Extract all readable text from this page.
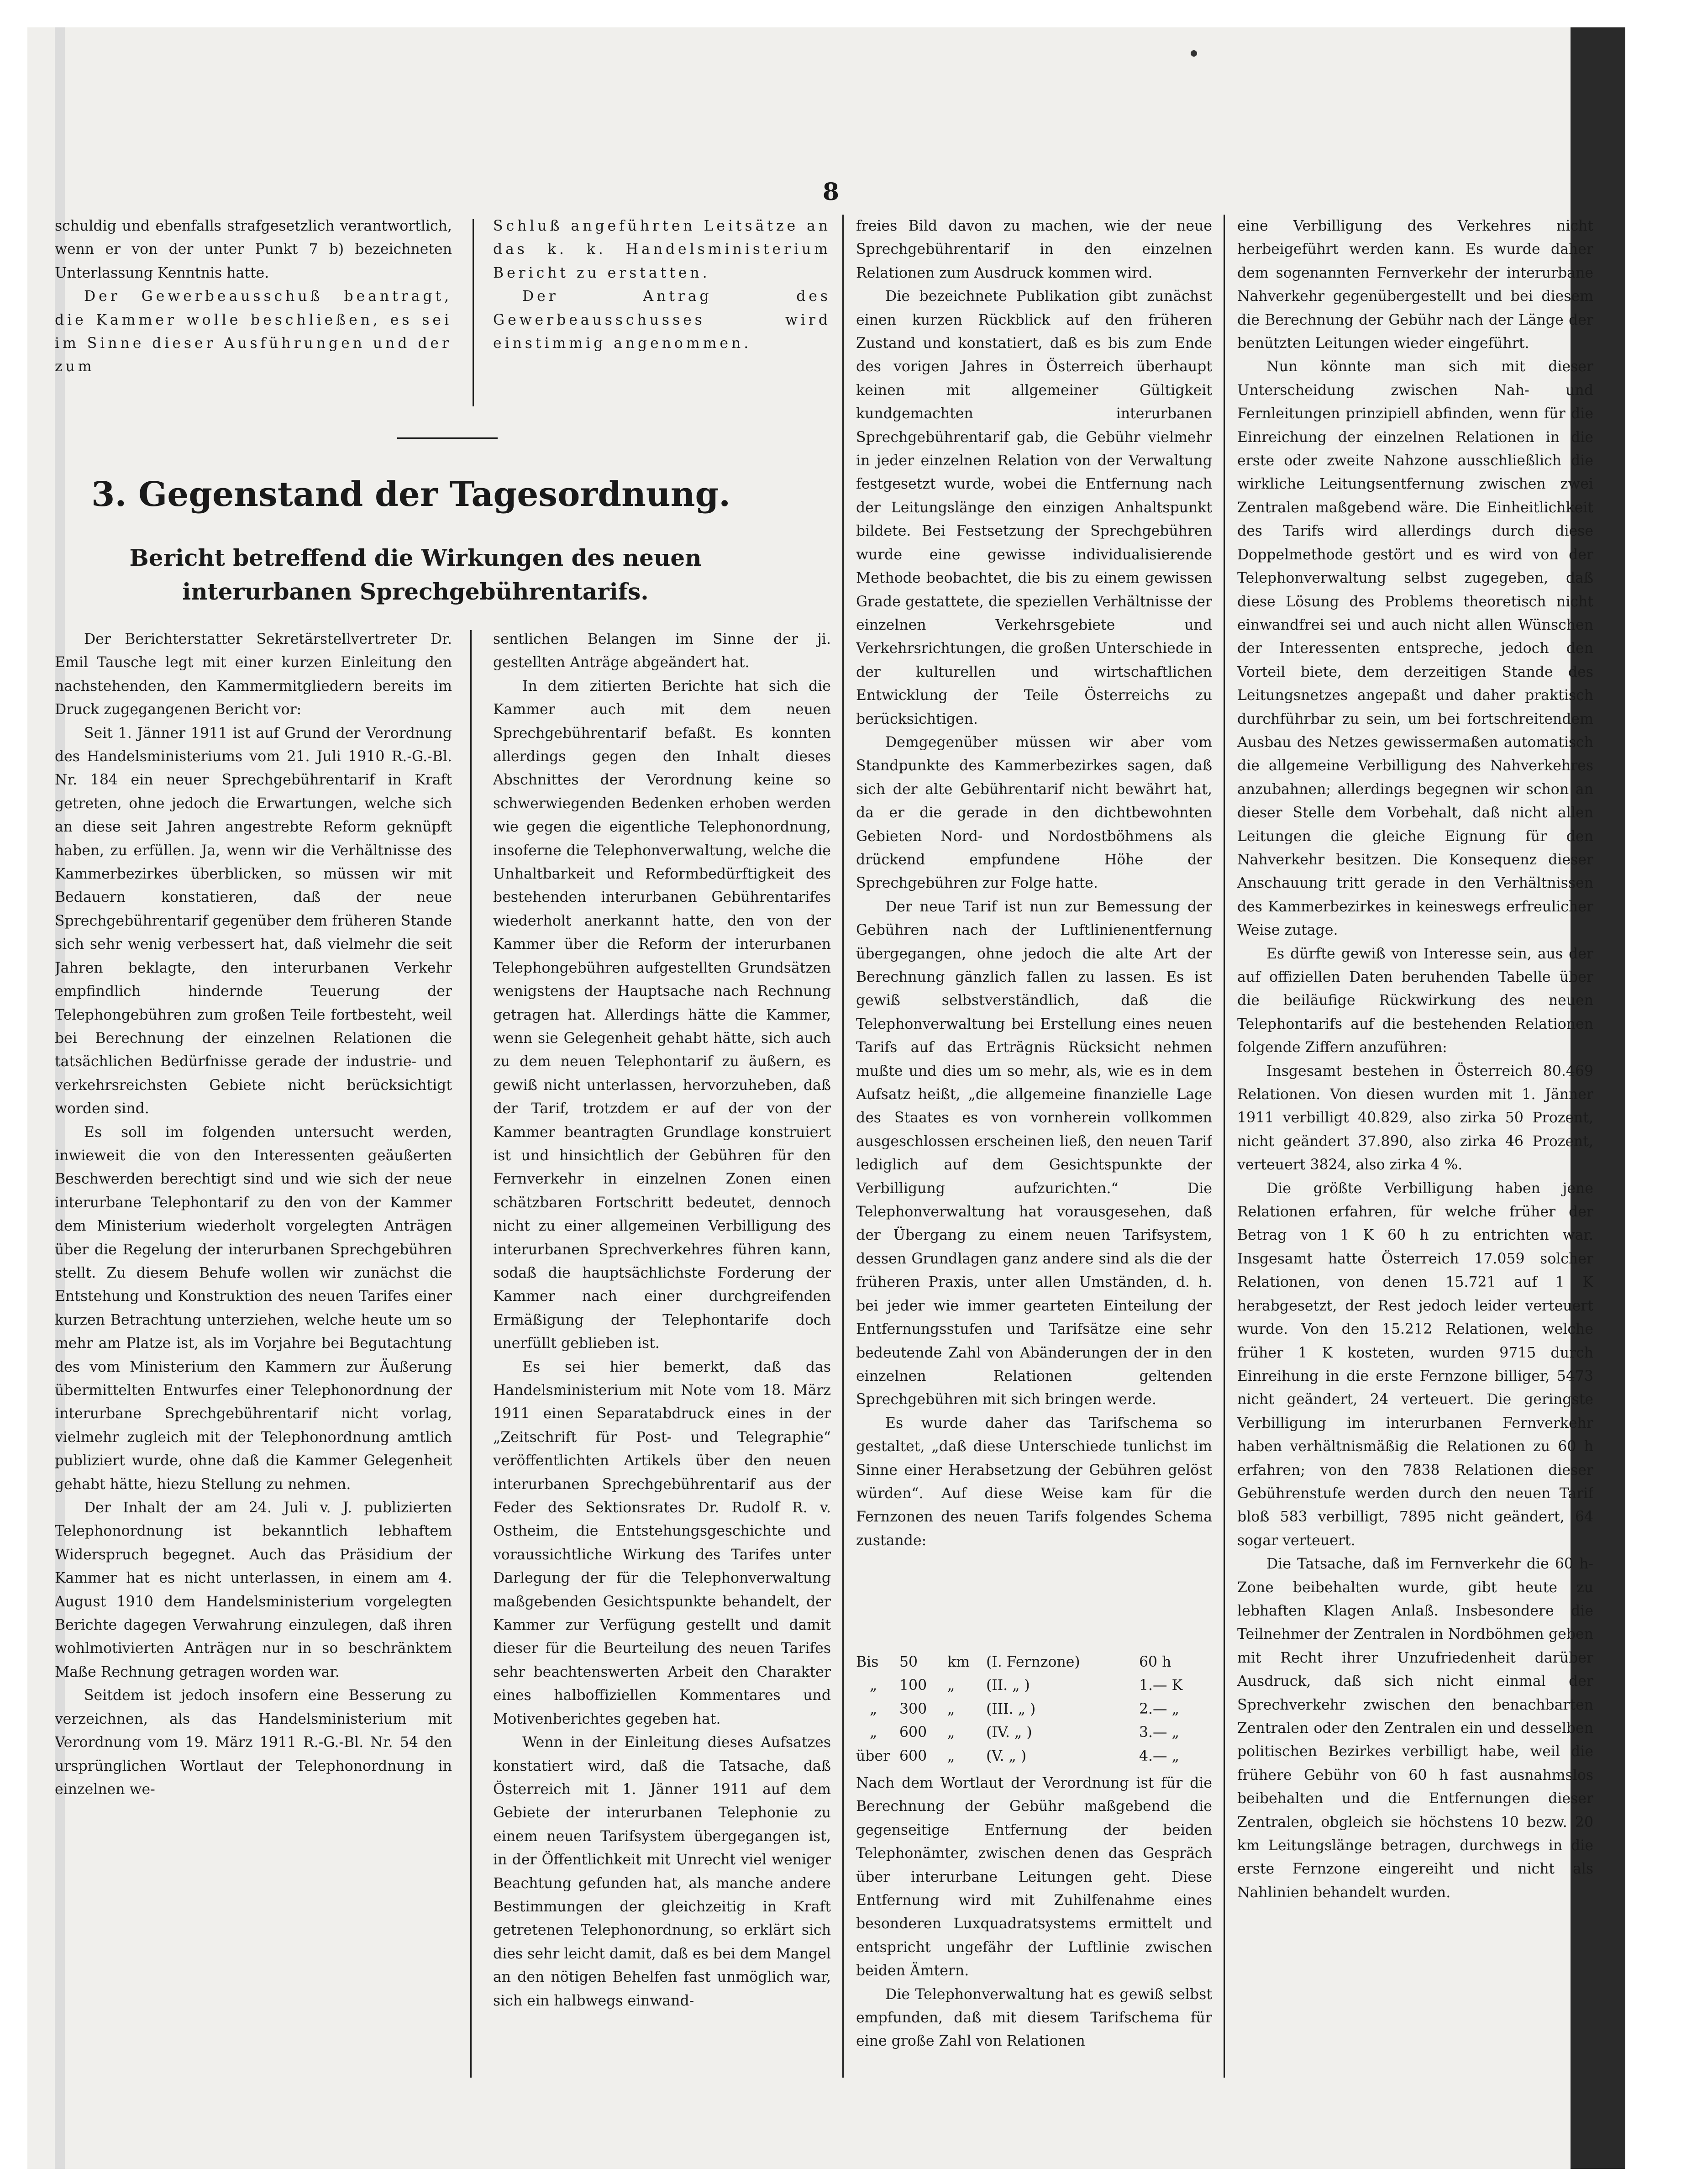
8

schuldig und ebenfalls strafgesetzlich verantwortlich, wenn er von der unter Punkt 7 b) bezeichneten Unterlassung Kenntnis hatte.

Der Gewerbeausschuß beantragt, die Kammer wolle beschließen, es sei im Sinne dieser Ausführungen und der zum

Schluß angeführten Leitsätze an das k. k. Handelsministerium Bericht zu erstatten.

Der Antrag des Gewerbeausschusses wird einstimmig angenommen.

3. Gegenstand der Tagesordnung.
Bericht betreffend die Wirkungen des neuen interurbanen Sprechgebührentarifs.

Der Berichterstatter Sekretärstellvertreter Dr. Emil Tausche legt mit einer kurzen Einleitung den nachstehenden, den Kammermitgliedern bereits im Druck zugegangenen Bericht vor:

Seit 1. Jänner 1911 ist auf Grund der Verordnung des Handelsministeriums vom 21. Juli 1910 R.-G.-Bl. Nr. 184 ein neuer Sprechgebührentarif in Kraft getreten, ohne jedoch die Erwartungen, welche sich an diese seit Jahren angestrebte Reform geknüpft haben, zu erfüllen. Ja, wenn wir die Verhältnisse des Kammerbezirkes überblicken, so müssen wir mit Bedauern konstatieren, daß der neue Sprechgebührentarif gegenüber dem früheren Stande sich sehr wenig verbessert hat, daß vielmehr die seit Jahren beklagte, den interurbanen Verkehr empfindlich hindernde Teuerung der Telephongebühren zum großen Teile fortbesteht, weil bei Berechnung der einzelnen Relationen die tatsächlichen Bedürfnisse gerade der industrie- und verkehrsreichsten Gebiete nicht berücksichtigt worden sind.

Es soll im folgenden untersucht werden, inwieweit die von den Interessenten geäußerten Beschwerden berechtigt sind und wie sich der neue interurbane Telephontarif zu den von der Kammer dem Ministerium wiederholt vorgelegten Anträgen über die Regelung der interurbanen Sprechgebühren stellt. Zu diesem Behufe wollen wir zunächst die Entstehung und Konstruktion des neuen Tarifes einer kurzen Betrachtung unterziehen, welche heute um so mehr am Platze ist, als im Vorjahre bei Begutachtung des vom Ministerium den Kammern zur Äußerung übermittelten Entwurfes einer Telephonordnung der interurbane Sprechgebührentarif nicht vorlag, vielmehr zugleich mit der Telephonordnung amtlich publiziert wurde, ohne daß die Kammer Gelegenheit gehabt hätte, hiezu Stellung zu nehmen.

Der Inhalt der am 24. Juli v. J. publizierten Telephonordnung ist bekanntlich lebhaftem Widerspruch begegnet. Auch das Präsidium der Kammer hat es nicht unterlassen, in einem am 4. August 1910 dem Handelsministerium vorgelegten Berichte dagegen Verwahrung einzulegen, daß ihren wohlmotivierten Anträgen nur in so beschränktem Maße Rechnung getragen worden war.

Seitdem ist jedoch insofern eine Besserung zu verzeichnen, als das Handelsministerium mit Verordnung vom 19. März 1911 R.-G.-Bl. Nr. 54 den ursprünglichen Wortlaut der Telephonordnung in einzelnen we-

sentlichen Belangen im Sinne der ji. gestellten Anträge abgeändert hat.

In dem zitierten Berichte hat sich die Kammer auch mit dem neuen Sprechgebührentarif befaßt. Es konnten allerdings gegen den Inhalt dieses Abschnittes der Verordnung keine so schwerwiegenden Bedenken erhoben werden wie gegen die eigentliche Telephonordnung, insoferne die Telephonverwaltung, welche die Unhaltbarkeit und Reformbedürftigkeit des bestehenden interurbanen Gebührentarifes wiederholt anerkannt hatte, den von der Kammer über die Reform der interurbanen Telephongebühren aufgestellten Grundsätzen wenigstens der Hauptsache nach Rechnung getragen hat. Allerdings hätte die Kammer, wenn sie Gelegenheit gehabt hätte, sich auch zu dem neuen Telephontarif zu äußern, es gewiß nicht unterlassen, hervorzuheben, daß der Tarif, trotzdem er auf der von der Kammer beantragten Grundlage konstruiert ist und hinsichtlich der Gebühren für den Fernverkehr in einzelnen Zonen einen schätzbaren Fortschritt bedeutet, dennoch nicht zu einer allgemeinen Verbilligung des interurbanen Sprechverkehres führen kann, sodaß die hauptsächlichste Forderung der Kammer nach einer durchgreifenden Ermäßigung der Telephontarife doch unerfüllt geblieben ist.

Es sei hier bemerkt, daß das Handelsministerium mit Note vom 18. März 1911 einen Separatabdruck eines in der „Zeitschrift für Post- und Telegraphie“ veröffentlichten Artikels über den neuen interurbanen Sprechgebührentarif aus der Feder des Sektionsrates Dr. Rudolf R. v. Ostheim, die Entstehungsgeschichte und voraussichtliche Wirkung des Tarifes unter Darlegung der für die Telephonverwaltung maßgebenden Gesichtspunkte behandelt, der Kammer zur Verfügung gestellt und damit dieser für die Beurteilung des neuen Tarifes sehr beachtenswerten Arbeit den Charakter eines halboffiziellen Kommentares und Motivenberichtes gegeben hat.

Wenn in der Einleitung dieses Aufsatzes konstatiert wird, daß die Tatsache, daß Österreich mit 1. Jänner 1911 auf dem Gebiete der interurbanen Telephonie zu einem neuen Tarifsystem übergegangen ist, in der Öffentlichkeit mit Unrecht viel weniger Beachtung gefunden hat, als manche andere Bestimmungen der gleichzeitig in Kraft getretenen Telephonordnung, so erklärt sich dies sehr leicht damit, daß es bei dem Mangel an den nötigen Behelfen fast unmöglich war, sich ein halbwegs einwand-

freies Bild davon zu machen, wie der neue Sprechgebührentarif in den einzelnen Relationen zum Ausdruck kommen wird.

Die bezeichnete Publikation gibt zunächst einen kurzen Rückblick auf den früheren Zustand und konstatiert, daß es bis zum Ende des vorigen Jahres in Österreich überhaupt keinen mit allgemeiner Gültigkeit kundgemachten interurbanen Sprechgebührentarif gab, die Gebühr vielmehr in jeder einzelnen Relation von der Verwaltung festgesetzt wurde, wobei die Entfernung nach der Leitungslänge den einzigen Anhaltspunkt bildete. Bei Festsetzung der Sprechgebühren wurde eine gewisse individualisierende Methode beobachtet, die bis zu einem gewissen Grade gestattete, die speziellen Verhältnisse der einzelnen Verkehrsgebiete und Verkehrsrichtungen, die großen Unterschiede in der kulturellen und wirtschaftlichen Entwicklung der Teile Österreichs zu berücksichtigen.

Demgegenüber müssen wir aber vom Standpunkte des Kammerbezirkes sagen, daß sich der alte Gebührentarif nicht bewährt hat, da er die gerade in den dichtbewohnten Gebieten Nord- und Nordostböhmens als drückend empfundene Höhe der Sprechgebühren zur Folge hatte.

Der neue Tarif ist nun zur Bemessung der Gebühren nach der Luftlinienentfernung übergegangen, ohne jedoch die alte Art der Berechnung gänzlich fallen zu lassen. Es ist gewiß selbstverständlich, daß die Telephonverwaltung bei Erstellung eines neuen Tarifs auf das Erträgnis Rücksicht nehmen mußte und dies um so mehr, als, wie es in dem Aufsatz heißt, „die allgemeine finanzielle Lage des Staates es von vornherein vollkommen ausgeschlossen erscheinen ließ, den neuen Tarif lediglich auf dem Gesichtspunkte der Verbilligung aufzurichten.“ Die Telephonverwaltung hat vorausgesehen, daß der Übergang zu einem neuen Tarifsystem, dessen Grundlagen ganz andere sind als die der früheren Praxis, unter allen Umständen, d. h. bei jeder wie immer gearteten Einteilung der Entfernungsstufen und Tarifsätze eine sehr bedeutende Zahl von Abänderungen der in den einzelnen Relationen geltenden Sprechgebühren mit sich bringen werde.

Es wurde daher das Tarifschema so gestaltet, „daß diese Unterschiede tunlichst im Sinne einer Herabsetzung der Gebühren gelöst würden“. Auf diese Weise kam für die Fernzonen des neuen Tarifs folgendes Schema zustande:

Bis 50 km (I. Fernzone)	60 h
„ 100 „ (II. „ )	1.— K
„ 300 „ (III. „ )	2.— „
„ 600 „ (IV. „ )	3.— „
über 600 „ (V. „ )	4.— „

Nach dem Wortlaut der Verordnung ist für die Berechnung der Gebühr maßgebend die gegenseitige Entfernung der beiden Telephonämter, zwischen denen das Gespräch über interurbane Leitungen geht. Diese Entfernung wird mit Zuhilfenahme eines besonderen Luxquadratsystems ermittelt und entspricht ungefähr der Luftlinie zwischen beiden Ämtern.

Die Telephonverwaltung hat es gewiß selbst empfunden, daß mit diesem Tarifschema für eine große Zahl von Relationen

eine Verbilligung des Verkehres nicht herbeigeführt werden kann. Es wurde daher dem sogenannten Fernverkehr der interurbane Nahverkehr gegenübergestellt und bei diesem die Berechnung der Gebühr nach der Länge der benützten Leitungen wieder eingeführt.

Nun könnte man sich mit dieser Unterscheidung zwischen Nah- und Fernleitungen prinzipiell abfinden, wenn für die Einreichung der einzelnen Relationen in die erste oder zweite Nahzone ausschließlich die wirkliche Leitungsentfernung zwischen zwei Zentralen maßgebend wäre. Die Einheitlichkeit des Tarifs wird allerdings durch diese Doppelmethode gestört und es wird von der Telephonverwaltung selbst zugegeben, daß diese Lösung des Problems theoretisch nicht einwandfrei sei und auch nicht allen Wünschen der Interessenten entspreche, jedoch den Vorteil biete, dem derzeitigen Stande des Leitungsnetzes angepaßt und daher praktisch durchführbar zu sein, um bei fortschreitendem Ausbau des Netzes gewissermaßen automatisch die allgemeine Verbilligung des Nahverkehres anzubahnen; allerdings begegnen wir schon an dieser Stelle dem Vorbehalt, daß nicht allen Leitungen die gleiche Eignung für den Nahverkehr besitzen. Die Konsequenz dieser Anschauung tritt gerade in den Verhältnissen des Kammerbezirkes in keineswegs erfreulicher Weise zutage.

Es dürfte gewiß von Interesse sein, aus der auf offiziellen Daten beruhenden Tabelle über die beiläufige Rückwirkung des neuen Telephontarifs auf die bestehenden Relationen folgende Ziffern anzuführen:

Insgesamt bestehen in Österreich 80.469 Relationen. Von diesen wurden mit 1. Jänner 1911 verbilligt 40.829, also zirka 50 Prozent, nicht geändert 37.890, also zirka 46 Prozent, verteuert 3824, also zirka 4 %.

Die größte Verbilligung haben jene Relationen erfahren, für welche früher der Betrag von 1 K 60 h zu entrichten war. Insgesamt hatte Österreich 17.059 solcher Relationen, von denen 15.721 auf 1 K herabgesetzt, der Rest jedoch leider verteuert wurde. Von den 15.212 Relationen, welche früher 1 K kosteten, wurden 9715 durch Einreihung in die erste Fernzone billiger, 5473 nicht geändert, 24 verteuert. Die geringste Verbilligung im interurbanen Fernverkehr haben verhältnismäßig die Relationen zu 60 h erfahren; von den 7838 Relationen dieser Gebührenstufe werden durch den neuen Tarif bloß 583 verbilligt, 7895 nicht geändert, 64 sogar verteuert.

Die Tatsache, daß im Fernverkehr die 60 h-Zone beibehalten wurde, gibt heute zu lebhaften Klagen Anlaß. Insbesondere die Teilnehmer der Zentralen in Nordböhmen geben mit Recht ihrer Unzufriedenheit darüber Ausdruck, daß sich nicht einmal der Sprechverkehr zwischen den benachbarten Zentralen oder den Zentralen ein und desselben politischen Bezirkes verbilligt habe, weil die frühere Gebühr von 60 h fast ausnahmslos beibehalten und die Entfernungen dieser Zentralen, obgleich sie höchstens 10 bezw. 20 km Leitungslänge betragen, durchwegs in die erste Fernzone eingereiht und nicht als Nahlinien behandelt wurden.
